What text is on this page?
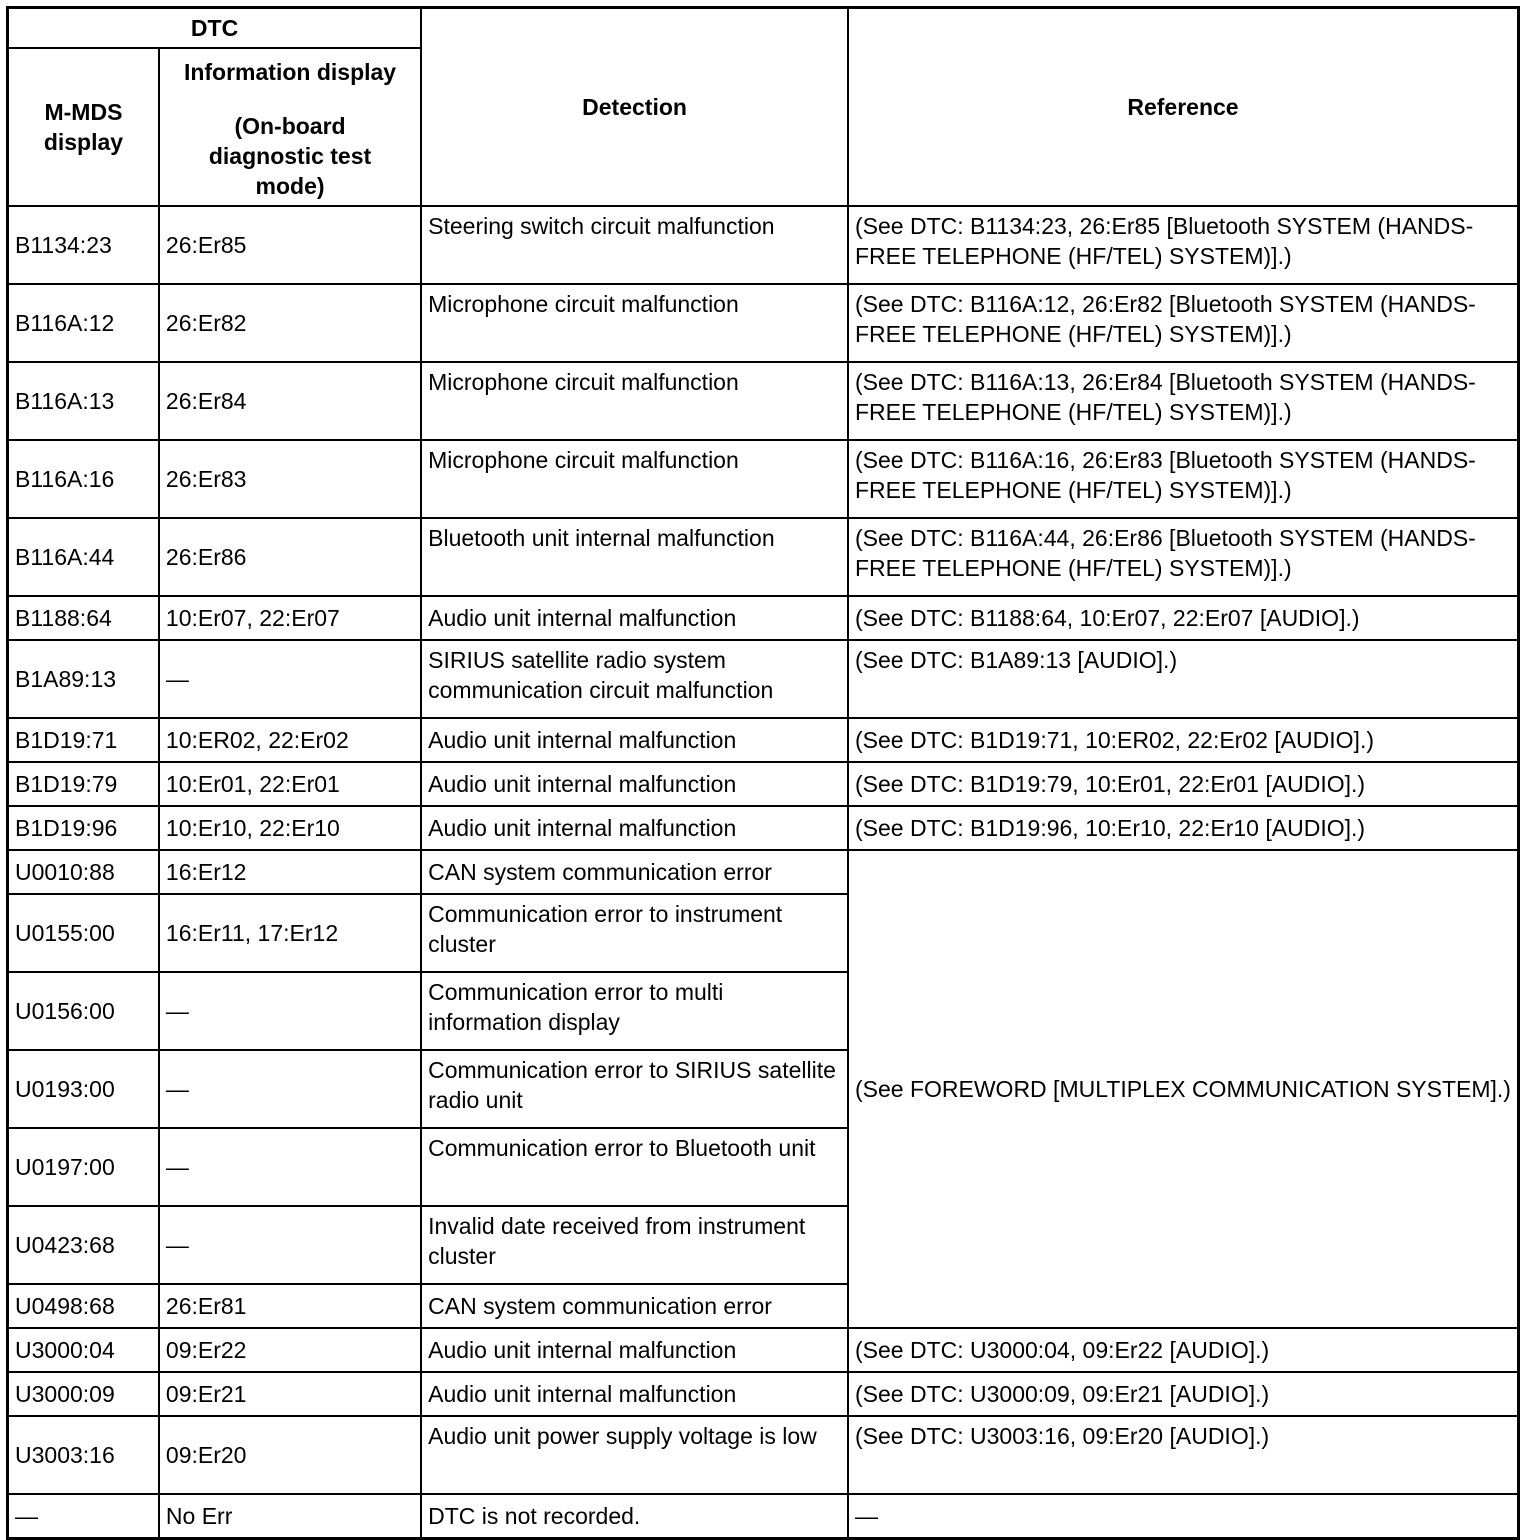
DTC		Detection	Reference
M-MDS display	Information display
(On-board diagnostic test mode)		

B1134:23	26:Er85	Steering switch circuit malfunction	(See DTC: B1134:23, 26:Er85 [Bluetooth SYSTEM (HANDS-FREE TELEPHONE (HF/TEL) SYSTEM)].)
B116A:12	26:Er82	Microphone circuit malfunction	(See DTC: B116A:12, 26:Er82 [Bluetooth SYSTEM (HANDS-FREE TELEPHONE (HF/TEL) SYSTEM)].)
B116A:13	26:Er84	Microphone circuit malfunction	(See DTC: B116A:13, 26:Er84 [Bluetooth SYSTEM (HANDS-FREE TELEPHONE (HF/TEL) SYSTEM)].)
B116A:16	26:Er83	Microphone circuit malfunction	(See DTC: B116A:16, 26:Er83 [Bluetooth SYSTEM (HANDS-FREE TELEPHONE (HF/TEL) SYSTEM)].)
B116A:44	26:Er86	Bluetooth unit internal malfunction	(See DTC: B116A:44, 26:Er86 [Bluetooth SYSTEM (HANDS-FREE TELEPHONE (HF/TEL) SYSTEM)].)
B1188:64	10:Er07, 22:Er07	Audio unit internal malfunction	(See DTC: B1188:64, 10:Er07, 22:Er07 [AUDIO].)
B1A89:13	—	SIRIUS satellite radio system communication circuit malfunction	(See DTC: B1A89:13 [AUDIO].)
B1D19:71	10:ER02, 22:Er02	Audio unit internal malfunction	(See DTC: B1D19:71, 10:ER02, 22:Er02 [AUDIO].)
B1D19:79	10:Er01, 22:Er01	Audio unit internal malfunction	(See DTC: B1D19:79, 10:Er01, 22:Er01 [AUDIO].)
B1D19:96	10:Er10, 22:Er10	Audio unit internal malfunction	(See DTC: B1D19:96, 10:Er10, 22:Er10 [AUDIO].)
U0010:88	16:Er12	CAN system communication error	(See FOREWORD [MULTIPLEX COMMUNICATION SYSTEM].)
U0155:00	16:Er11, 17:Er12	Communication error to instrument cluster	
U0156:00	—	Communication error to multi information display	
U0193:00	—	Communication error to SIRIUS satellite radio unit	
U0197:00	—	Communication error to Bluetooth unit	
U0423:68	—	Invalid date received from instrument cluster	
U0498:68	26:Er81	CAN system communication error	
U3000:04	09:Er22	Audio unit internal malfunction	(See DTC: U3000:04, 09:Er22 [AUDIO].)
U3000:09	09:Er21	Audio unit internal malfunction	(See DTC: U3000:09, 09:Er21 [AUDIO].)
U3003:16	09:Er20	Audio unit power supply voltage is low	(See DTC: U3003:16, 09:Er20 [AUDIO].)
—	No Err	DTC is not recorded.	—
